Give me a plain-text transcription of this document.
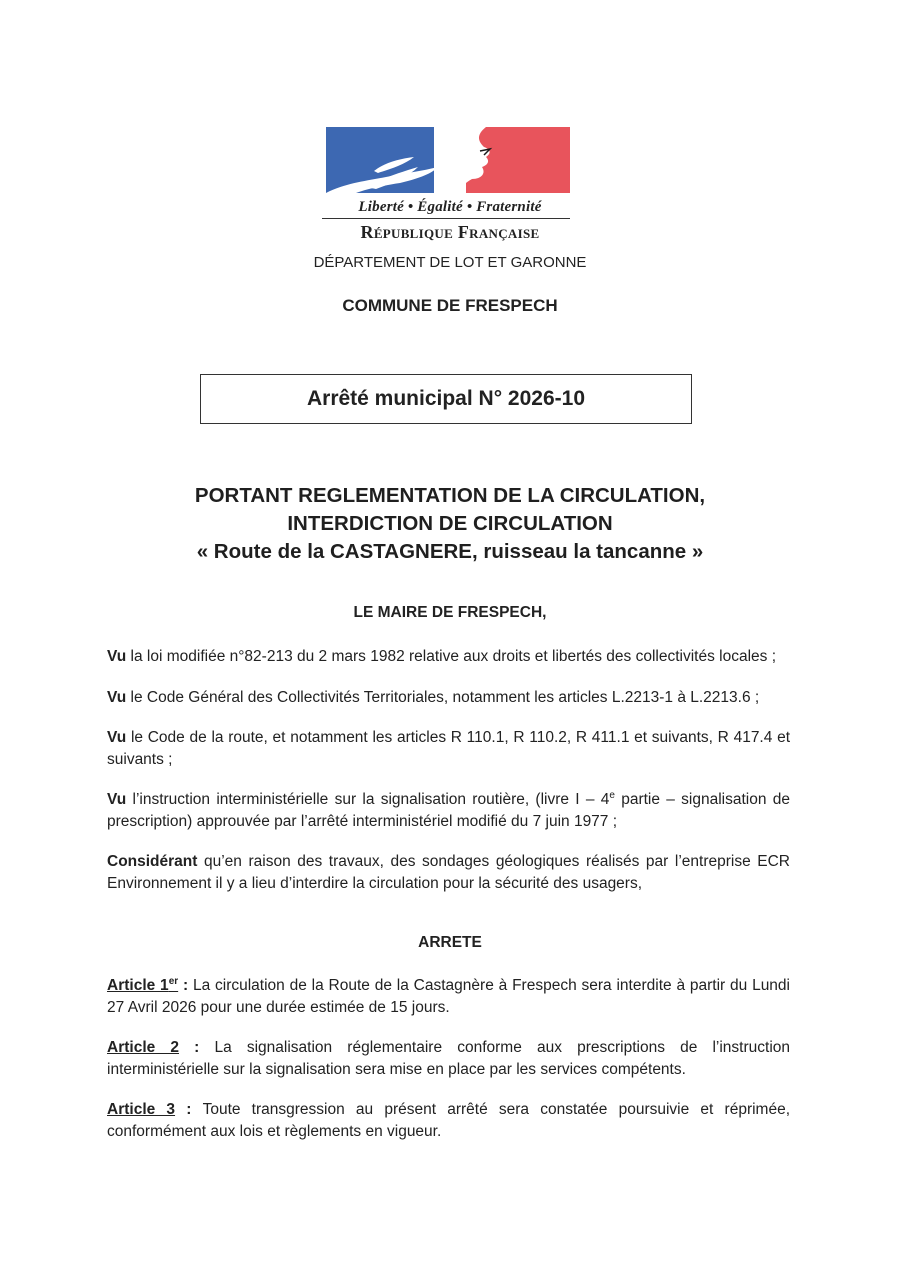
Liberté • Égalité • Fraternité
République Française
DÉPARTEMENT DE LOT ET GARONNE
COMMUNE DE FRESPECH
Arrêté municipal N° 2026-10
PORTANT REGLEMENTATION DE LA CIRCULATION,
INTERDICTION DE CIRCULATION
« Route de la CASTAGNERE, ruisseau la tancanne »
LE MAIRE DE FRESPECH,
Vu la loi modifiée n°82-213 du 2 mars 1982 relative aux droits et libertés des collectivités locales ;
Vu le Code Général des Collectivités Territoriales, notamment les articles L.2213-1 à L.2213.6 ;
Vu le Code de la route, et notamment les articles R 110.1, R 110.2, R 411.1 et suivants, R 417.4 et suivants ;
Vu l’instruction interministérielle sur la signalisation routière, (livre I – 4e partie – signalisation de prescription) approuvée par l’arrêté interministériel modifié du 7 juin 1977 ;
Considérant qu’en raison des travaux, des sondages géologiques réalisés par l’entreprise ECR Environnement il y a lieu d’interdire la circulation pour la sécurité des usagers,
ARRETE
Article 1er : La circulation de la Route de la Castagnère à Frespech sera interdite à partir du Lundi 27 Avril 2026 pour une durée estimée de 15 jours.
Article 2 : La signalisation réglementaire conforme aux prescriptions de l’instruction interministérielle sur la signalisation sera mise en place par les services compétents.
Article 3 : Toute transgression au présent arrêté sera constatée poursuivie et réprimée, conformément aux lois et règlements en vigueur.
